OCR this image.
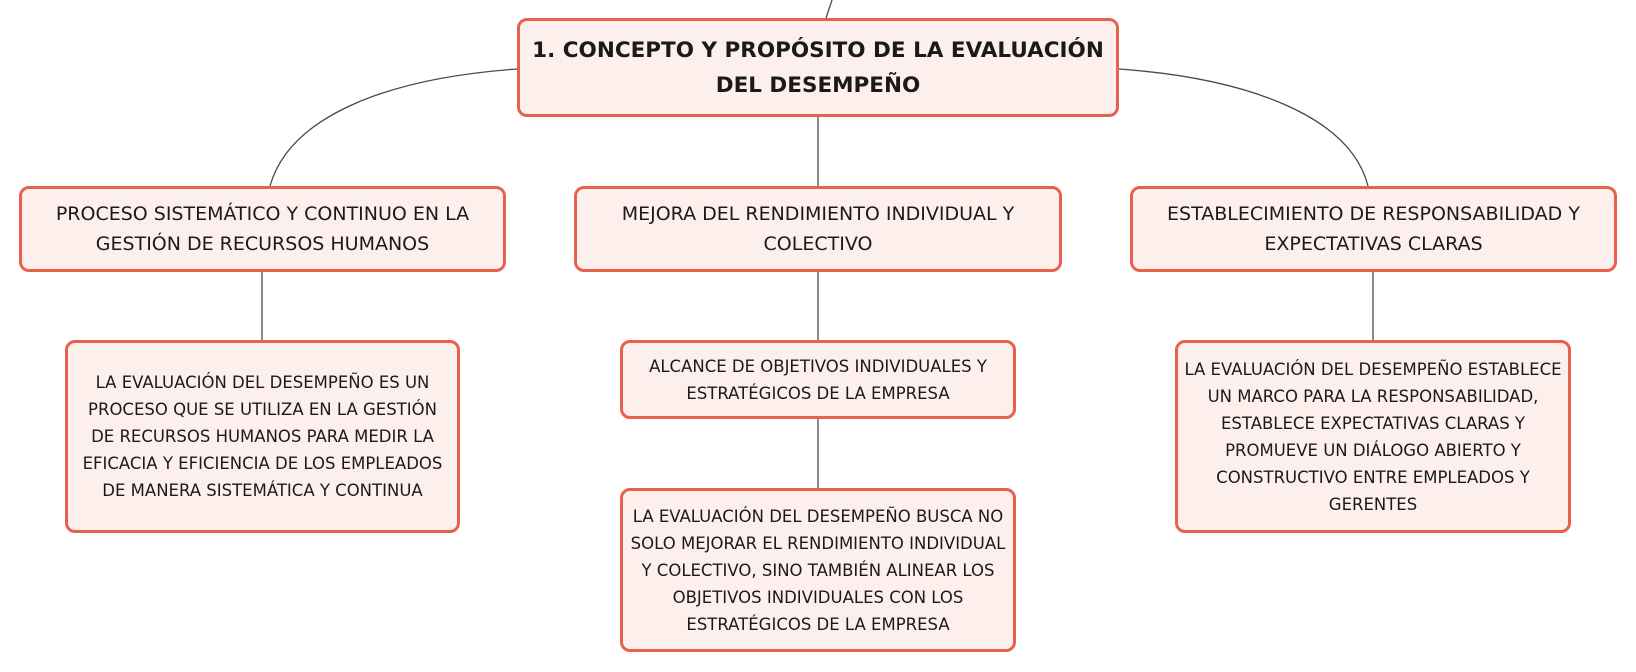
1. CONCEPTO Y PROPÓSITO DE LA EVALUACIÓN DEL DESEMPEÑO
PROCESO SISTEMÁTICO Y CONTINUO EN LA GESTIÓN DE RECURSOS HUMANOS
MEJORA DEL RENDIMIENTO INDIVIDUAL Y COLECTIVO
ESTABLECIMIENTO DE RESPONSABILIDAD Y EXPECTATIVAS CLARAS
LA EVALUACIÓN DEL DESEMPEÑO ES UN PROCESO QUE SE UTILIZA EN LA GESTIÓN DE RECURSOS HUMANOS PARA MEDIR LA EFICACIA Y EFICIENCIA DE LOS EMPLEADOS DE MANERA SISTEMÁTICA Y CONTINUA
ALCANCE DE OBJETIVOS INDIVIDUALES Y ESTRATÉGICOS DE LA EMPRESA
LA EVALUACIÓN DEL DESEMPEÑO BUSCA NO SOLO MEJORAR EL RENDIMIENTO INDIVIDUAL Y COLECTIVO, SINO TAMBIÉN ALINEAR LOS OBJETIVOS INDIVIDUALES CON LOS ESTRATÉGICOS DE LA EMPRESA
LA EVALUACIÓN DEL DESEMPEÑO ESTABLECE UN MARCO PARA LA RESPONSABILIDAD, ESTABLECE EXPECTATIVAS CLARAS Y PROMUEVE UN DIÁLOGO ABIERTO Y CONSTRUCTIVO ENTRE EMPLEADOS Y GERENTES
